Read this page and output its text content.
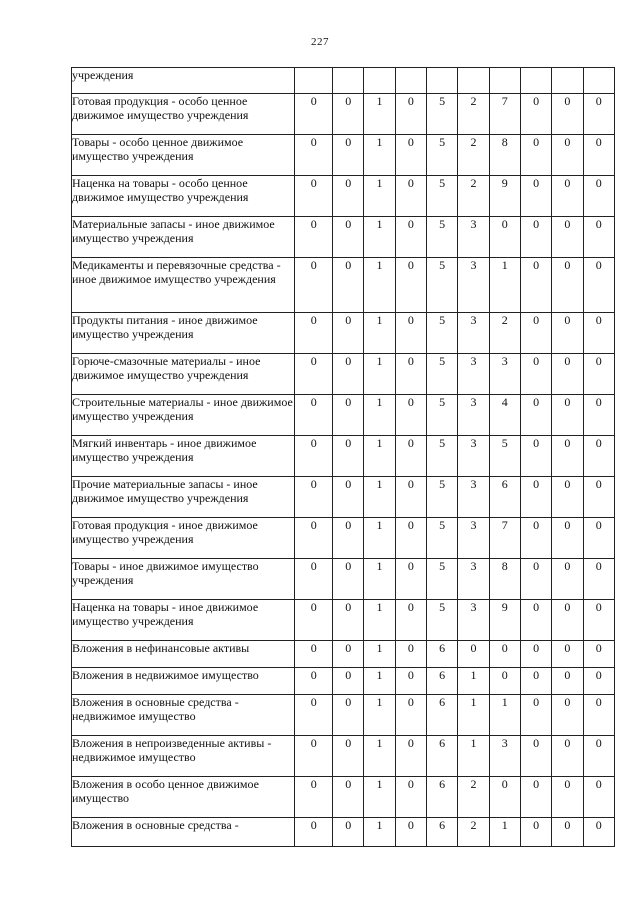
227
учреждения										
Готовая продукция - особо ценное движимое имущество учреждения	0	0	1	0	5	2	7	0	0	0
Товары - особо ценное движимое имущество учреждения	0	0	1	0	5	2	8	0	0	0
Наценка на товары - особо ценное движимое имущество учреждения	0	0	1	0	5	2	9	0	0	0
Материальные запасы - иное движимое имущество учреждения	0	0	1	0	5	3	0	0	0	0
Медикаменты и перевязочные средства - иное движимое имущество учреждения	0	0	1	0	5	3	1	0	0	0
Продукты питания - иное движимое имущество учреждения	0	0	1	0	5	3	2	0	0	0
Горюче-смазочные материалы - иное движимое имущество учреждения	0	0	1	0	5	3	3	0	0	0
Строительные материалы - иное движимое имущество учреждения	0	0	1	0	5	3	4	0	0	0
Мягкий инвентарь - иное движимое имущество учреждения	0	0	1	0	5	3	5	0	0	0
Прочие материальные запасы - иное движимое имущество учреждения	0	0	1	0	5	3	6	0	0	0
Готовая продукция - иное движимое имущество учреждения	0	0	1	0	5	3	7	0	0	0
Товары - иное движимое имущество учреждения	0	0	1	0	5	3	8	0	0	0
Наценка на товары - иное движимое имущество учреждения	0	0	1	0	5	3	9	0	0	0
Вложения в нефинансовые активы	0	0	1	0	6	0	0	0	0	0
Вложения в недвижимое имущество	0	0	1	0	6	1	0	0	0	0
Вложения в основные средства - недвижимое имущество	0	0	1	0	6	1	1	0	0	0
Вложения в непроизведенные активы - недвижимое имущество	0	0	1	0	6	1	3	0	0	0
Вложения в особо ценное движимое имущество	0	0	1	0	6	2	0	0	0	0
Вложения в основные средства -	0	0	1	0	6	2	1	0	0	0
